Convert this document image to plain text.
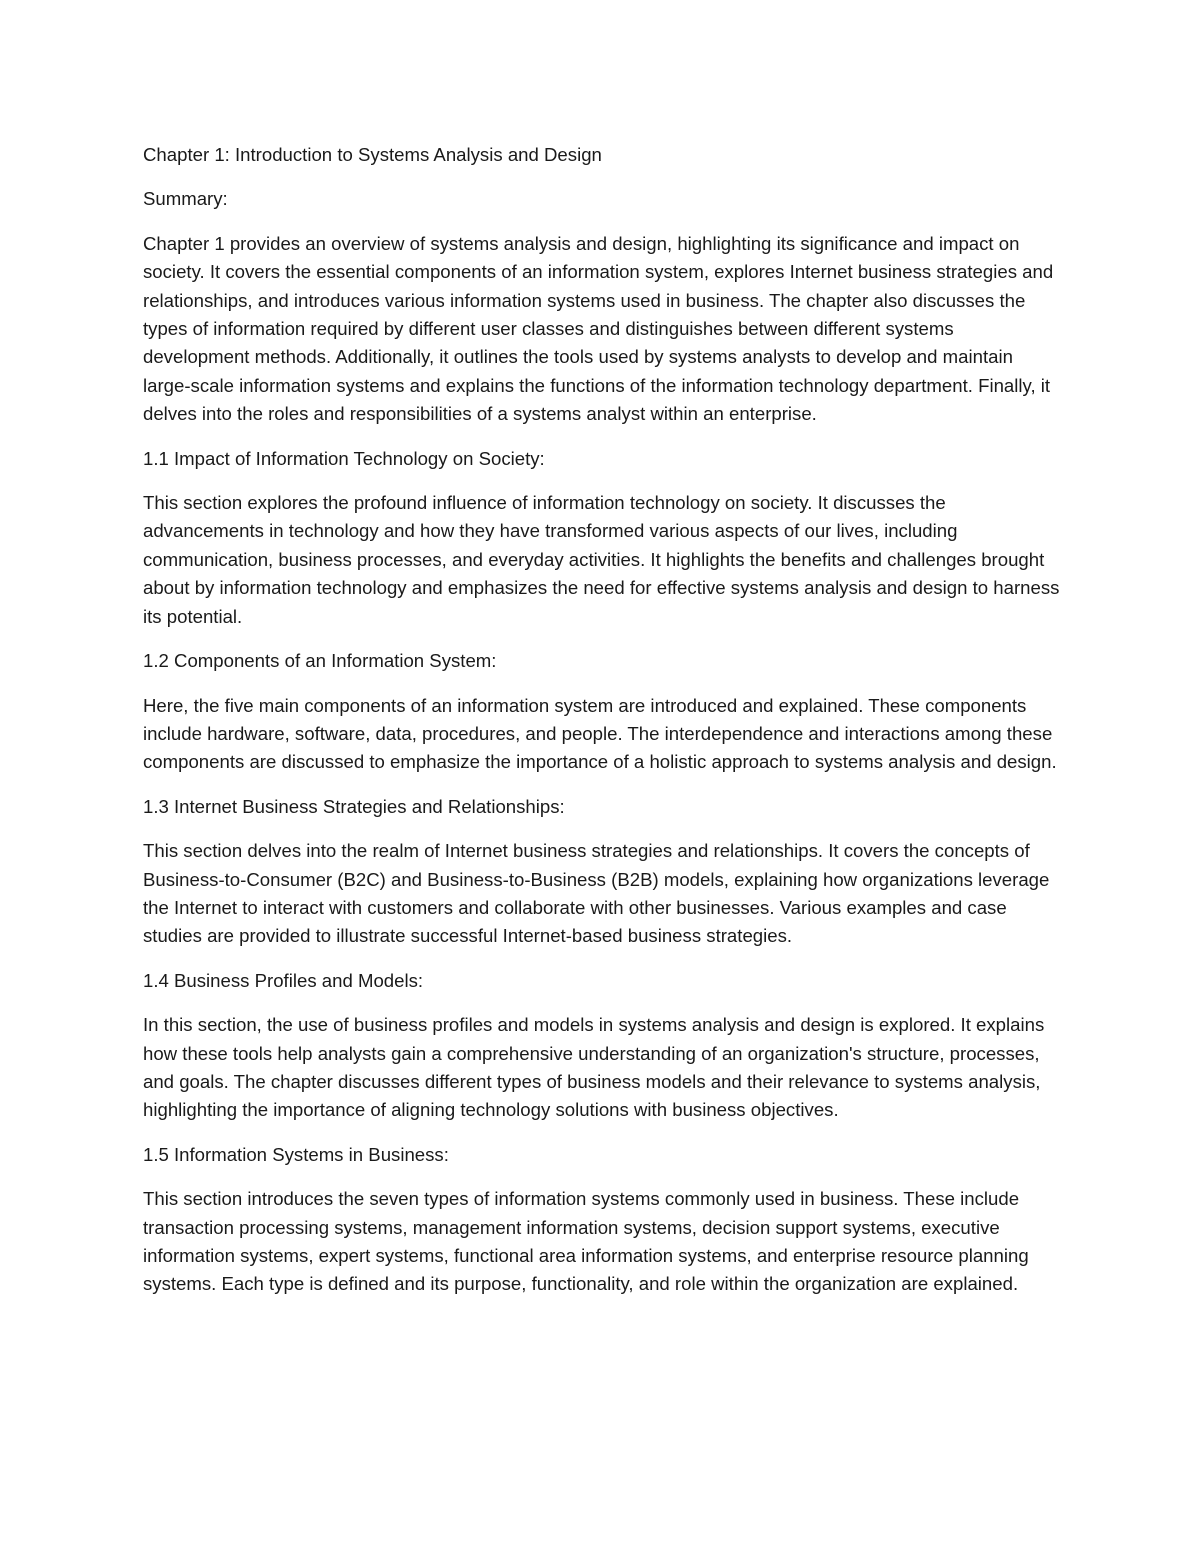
Chapter 1: Introduction to Systems Analysis and Design

Summary:

Chapter 1 provides an overview of systems analysis and design, highlighting its significance and impact on society. It covers the essential components of an information system, explores Internet business strategies and relationships, and introduces various information systems used in business. The chapter also discusses the types of information required by different user classes and distinguishes between different systems development methods. Additionally, it outlines the tools used by systems analysts to develop and maintain large-scale information systems and explains the functions of the information technology department. Finally, it delves into the roles and responsibilities of a systems analyst within an enterprise.

1.1 Impact of Information Technology on Society:

This section explores the profound influence of information technology on society. It discusses the advancements in technology and how they have transformed various aspects of our lives, including communication, business processes, and everyday activities. It highlights the benefits and challenges brought about by information technology and emphasizes the need for effective systems analysis and design to harness its potential.

1.2 Components of an Information System:

Here, the five main components of an information system are introduced and explained. These components include hardware, software, data, procedures, and people. The interdependence and interactions among these components are discussed to emphasize the importance of a holistic approach to systems analysis and design.

1.3 Internet Business Strategies and Relationships:

This section delves into the realm of Internet business strategies and relationships. It covers the concepts of Business-to-Consumer (B2C) and Business-to-Business (B2B) models, explaining how organizations leverage the Internet to interact with customers and collaborate with other businesses. Various examples and case studies are provided to illustrate successful Internet-based business strategies.

1.4 Business Profiles and Models:

In this section, the use of business profiles and models in systems analysis and design is explored. It explains how these tools help analysts gain a comprehensive understanding of an organization's structure, processes, and goals. The chapter discusses different types of business models and their relevance to systems analysis, highlighting the importance of aligning technology solutions with business objectives.

1.5 Information Systems in Business:

This section introduces the seven types of information systems commonly used in business. These include transaction processing systems, management information systems, decision support systems, executive information systems, expert systems, functional area information systems, and enterprise resource planning systems. Each type is defined and its purpose, functionality, and role within the organization are explained.
